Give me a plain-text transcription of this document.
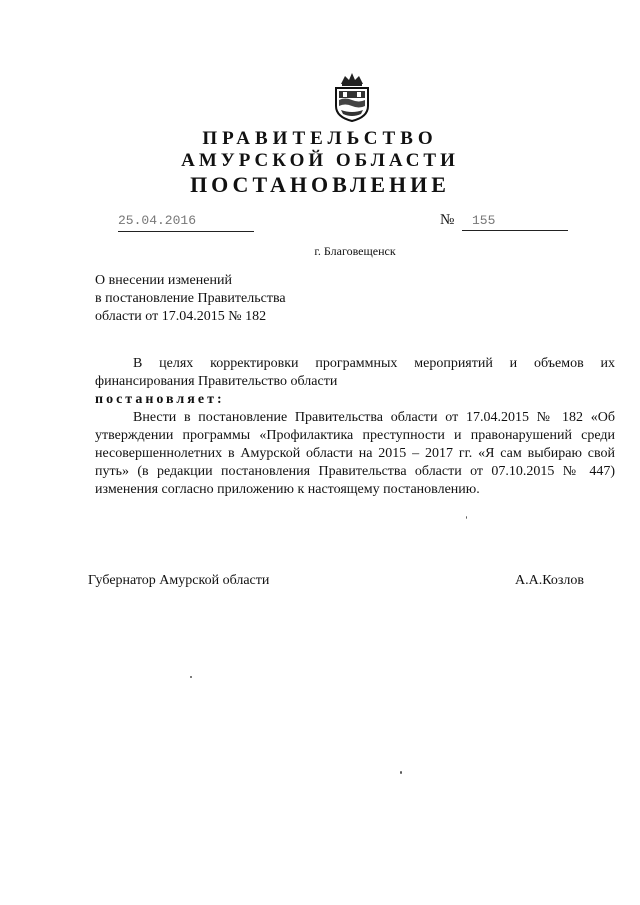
ПРАВИТЕЛЬСТВО
АМУРСКОЙ ОБЛАСТИ
ПОСТАНОВЛЕНИЕ
25.04.2016	№	155
г. Благовещенск
О внесении изменений
в постановление Правительства
области от 17.04.2015 № 182
В целях корректировки программных мероприятий и объемов их финансирования Правительство области
постановляет:
Внести в постановление Правительства области от 17.04.2015 № 182 «Об утверждении программы «Профилактика преступности и правонарушений среди несовершеннолетних в Амурской области на 2015 – 2017 гг. «Я сам выбираю свой путь» (в редакции постановления Правительства области от 07.10.2015 № 447) изменения согласно приложению к настоящему постановлению.
Губернатор Амурской области	А.А.Козлов
